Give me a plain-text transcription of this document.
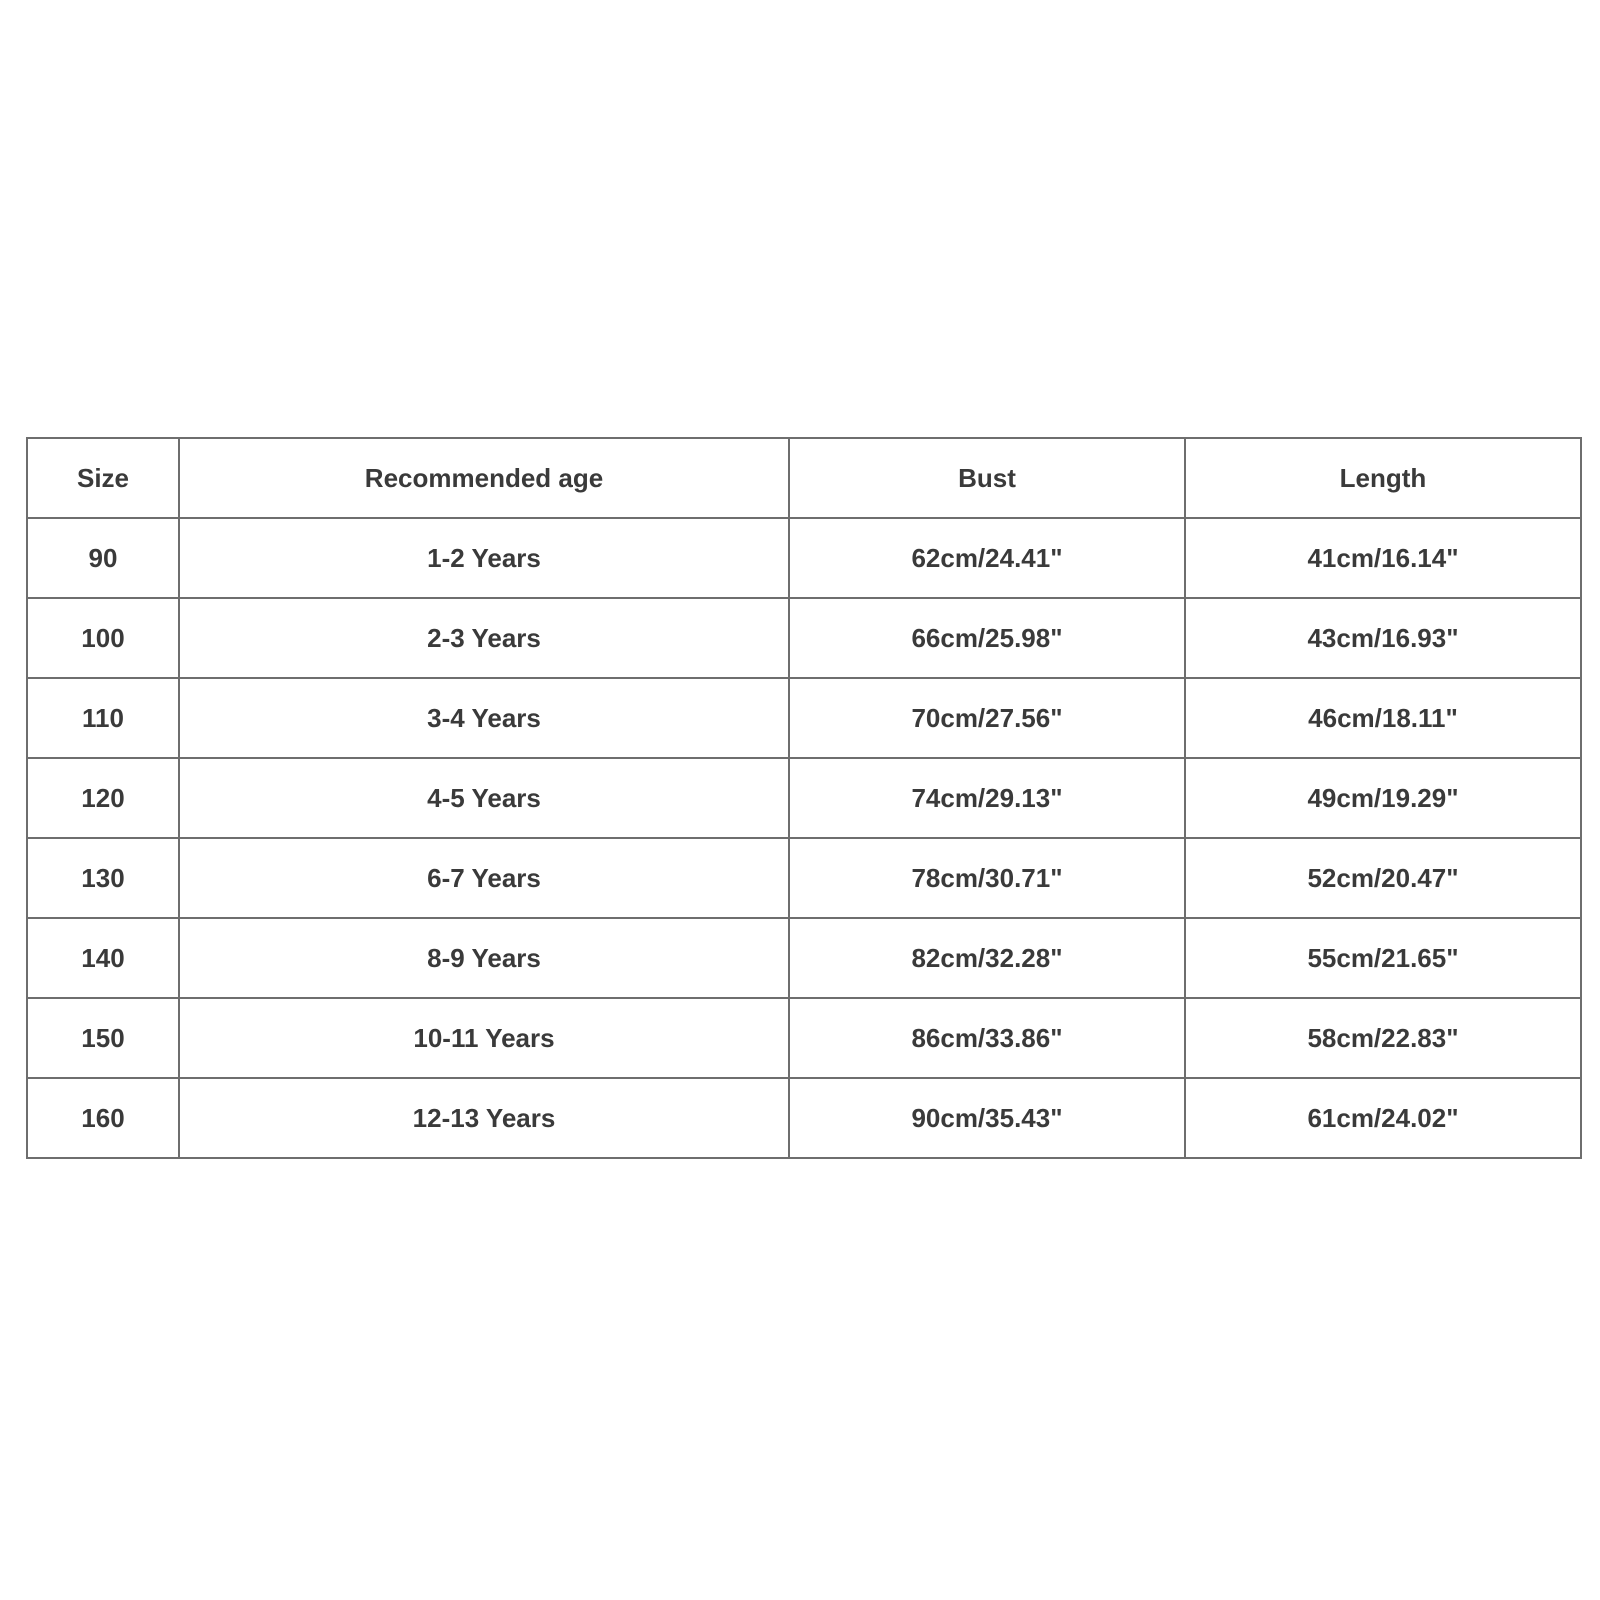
Size	Recommended age	Bust	Length
90	1-2 Years	62cm/24.41"	41cm/16.14"
100	2-3 Years	66cm/25.98"	43cm/16.93"
110	3-4 Years	70cm/27.56"	46cm/18.11"
120	4-5 Years	74cm/29.13"	49cm/19.29"
130	6-7 Years	78cm/30.71"	52cm/20.47"
140	8-9 Years	82cm/32.28"	55cm/21.65"
150	10-11 Years	86cm/33.86"	58cm/22.83"
160	12-13 Years	90cm/35.43"	61cm/24.02"
